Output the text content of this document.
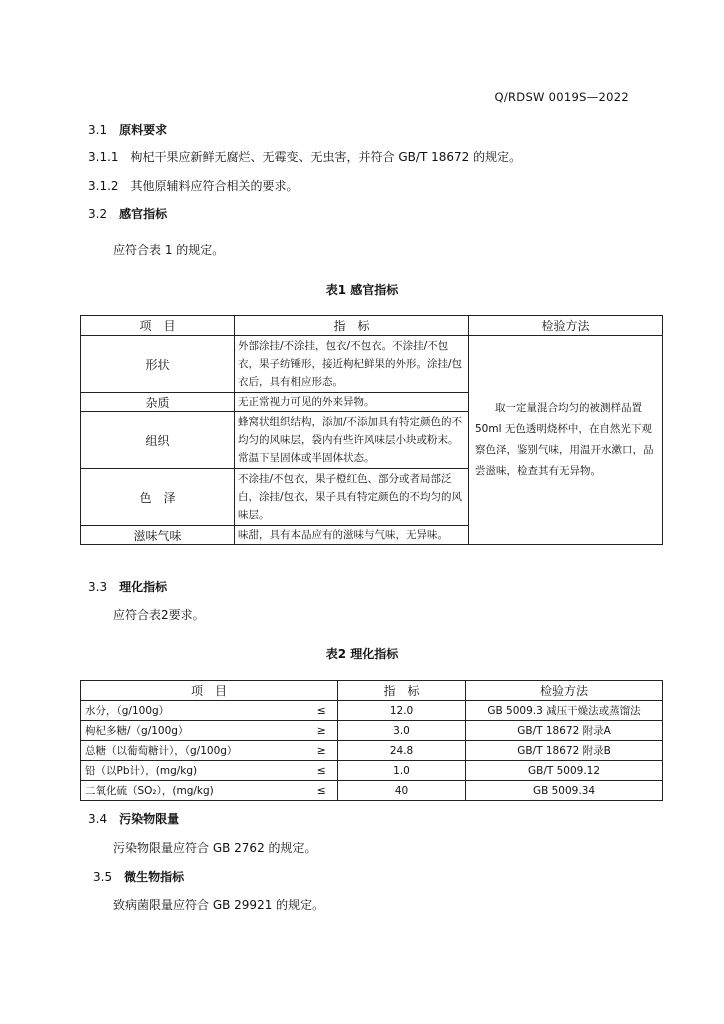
Q/RDSW 0019S—2022
3.1 原料要求
3.1.1 枸杞干果应新鲜无腐烂、无霉变、无虫害，并符合 GB/T 18672 的规定。
3.1.2 其他原辅料应符合相关的要求。
3.2 感官指标
应符合表 1 的规定。
表1 感官指标
项　目	指　标	检验方法
形状	外部涂挂/不涂挂，包衣/不包衣。不涂挂/不包衣，果子纺锤形，接近枸杞鲜果的外形。涂挂/包衣后，具有相应形态。	取一定量混合均匀的被测样品置50ml 无色透明烧杯中，在自然光下观察色泽，鉴别气味，用温开水漱口，品尝滋味，检查其有无异物。
杂质	无正常视力可见的外来异物。	
组织	蜂窝状组织结构，添加/不添加具有特定颜色的不均匀的风味层，袋内有些许风味层小块或粉末。常温下呈固体或半固体状态。	
色　泽	不涂挂/不包衣，果子橙红色、部分或者局部泛白，涂挂/包衣，果子具有特定颜色的不均匀的风味层。	
滋味气味	味甜，具有本品应有的滋味与气味，无异味。	
3.3 理化指标
应符合表2要求。
表2 理化指标
项　目		指　标	检验方法
水分，（g/100g）	≤	12.0	GB 5009.3 减压干燥法或蒸馏法
枸杞多糖/（g/100g）	≥	3.0	GB/T 18672 附录A
总糖（以葡萄糖计），（g/100g）	≥	24.8	GB/T 18672 附录B
铅（以Pb计），(mg/kg)	≤	1.0	GB/T 5009.12
二氧化硫（SO₂），(mg/kg)	≤	40	GB 5009.34
3.4 污染物限量
污染物限量应符合 GB 2762 的规定。
3.5 微生物指标
致病菌限量应符合 GB 29921 的规定。
